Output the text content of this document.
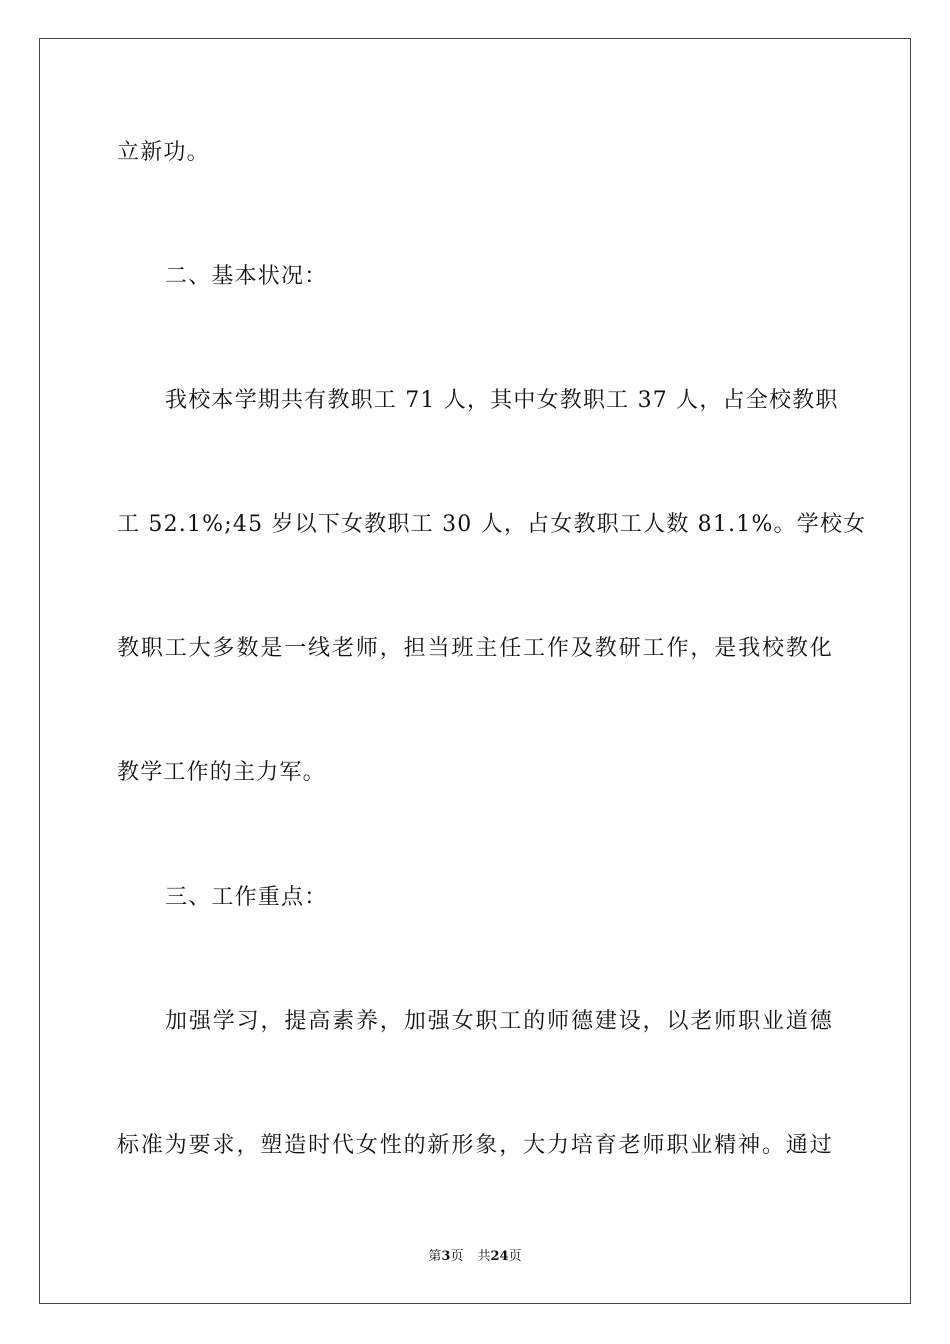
立新功。

二、基本状况：

我校本学期共有教职工 71 人，其中女教职工 37 人，占全校教职

工 52.1%;45 岁以下女教职工 30 人，占女教职工人数 81.1%。学校女

教职工大多数是一线老师，担当班主任工作及教研工作，是我校教化

教学工作的主力军。

三、工作重点：

加强学习，提高素养，加强女职工的师德建设，以老师职业道德

标准为要求，塑造时代女性的新形象，大力培育老师职业精神。通过

第3页 共24页
